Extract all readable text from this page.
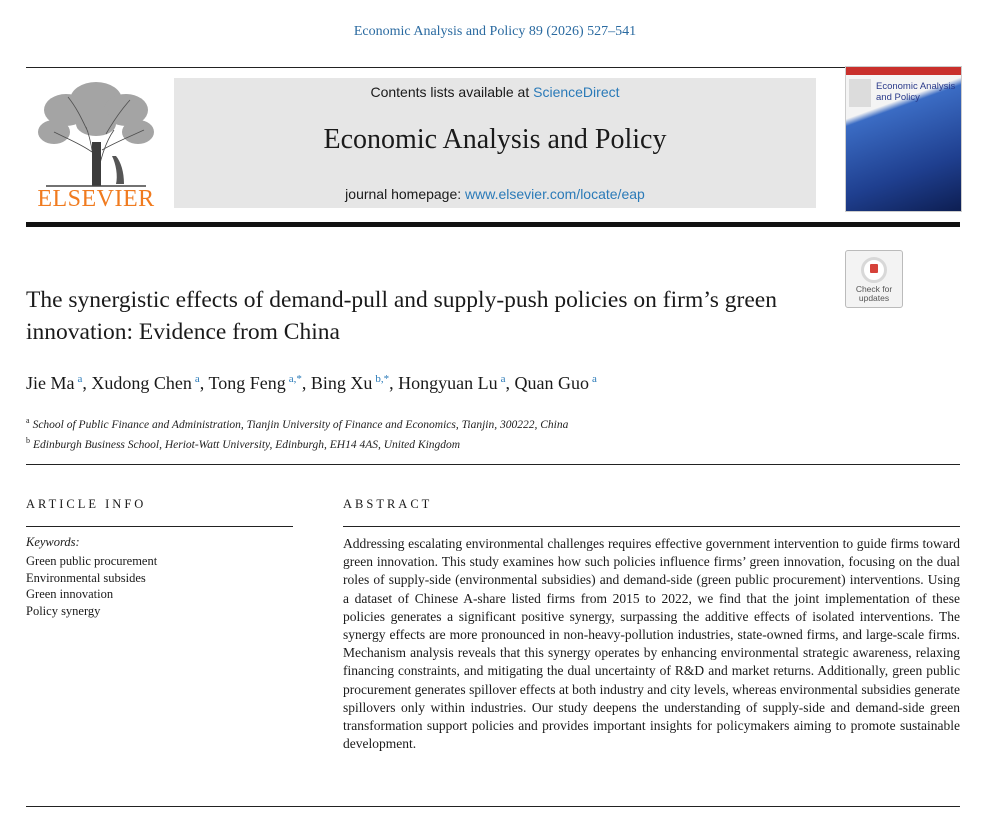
Economic Analysis and Policy 89 (2026) 527–541
ELSEVIER
Contents lists available at ScienceDirect
Economic Analysis and Policy
journal homepage: www.elsevier.com/locate/eap
Economic Analysis and Policy
Check for updates
The synergistic effects of demand-pull and supply-push policies on firm’s green innovation: Evidence from China
Jie Ma $^a$, Xudong Chen $^a$, Tong Feng $^{a,*}$, Bing Xu $^{b,*}$, Hongyuan Lu $^a$, Quan Guo $^a$
$^a$ School of Public Finance and Administration, Tianjin University of Finance and Economics, Tianjin, 300222, China
$^b$ Edinburgh Business School, Heriot-Watt University, Edinburgh, EH14 4AS, United Kingdom
ARTICLE INFO
Keywords:
Green public procurement
Environmental subsides
Green innovation
Policy synergy
ABSTRACT
Addressing escalating environmental challenges requires effective government intervention to guide firms toward green innovation. This study examines how such policies influence firms’ green innovation, focusing on the dual roles of supply-side (environmental subsidies) and demand-side (green public procurement) interventions. Using a dataset of Chinese A-share listed firms from 2015 to 2022, we find that the joint implementation of these policies generates a significant positive synergy, surpassing the additive effects of isolated interventions. The synergy effects are more pronounced in non-heavy-pollution industries, state-owned firms, and large-scale firms. Mechanism analysis reveals that this synergy operates by enhancing environmental strategic awareness, relaxing financing constraints, and mitigating the dual uncertainty of R&D and market returns. Additionally, green public procurement generates spillover effects at both industry and city levels, whereas environmental subsidies generate spillovers only within industries. Our study deepens the understanding of supply-side and demand-side green transformation support policies and provides important insights for policymakers aiming to promote sustainable development.
